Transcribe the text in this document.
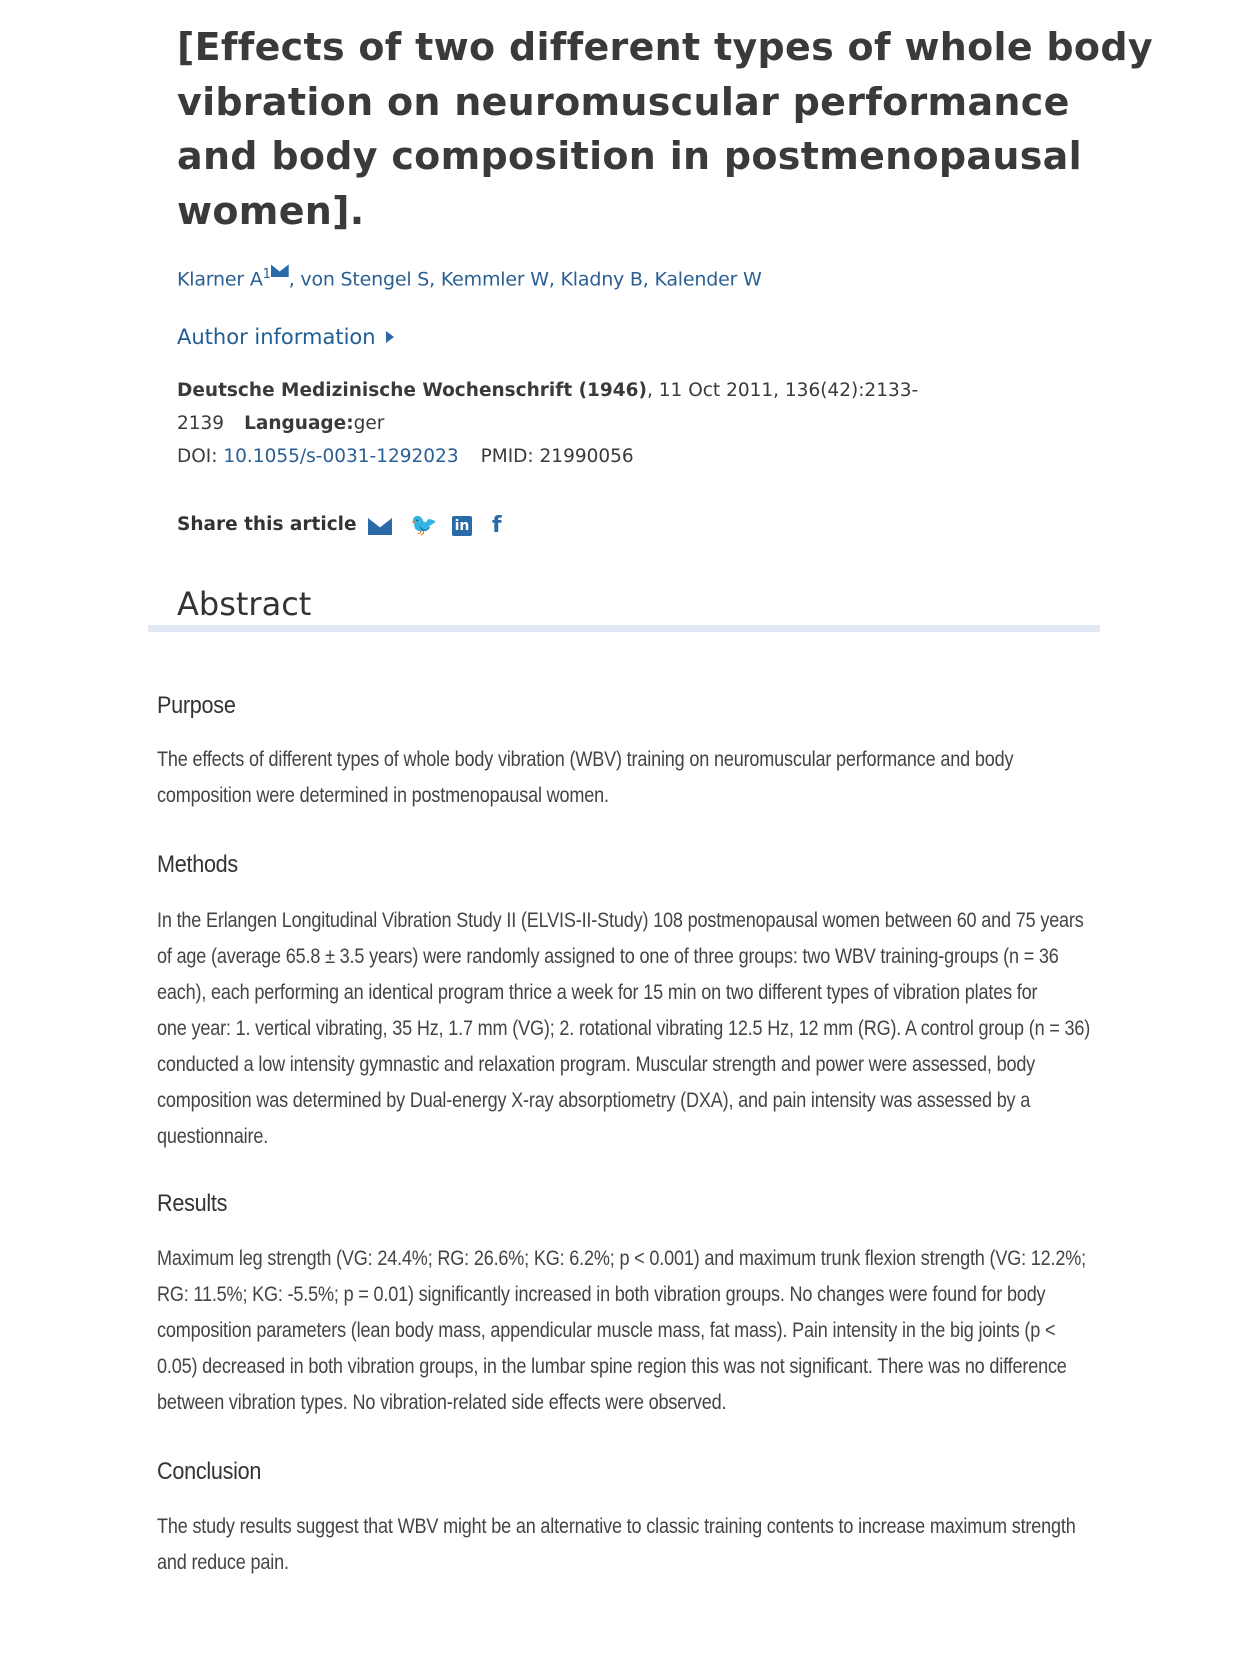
[Effects of two different types of whole body
vibration on neuromuscular performance
and body composition in postmenopausal
women].
Klarner $A^1$ , von Stengel S, Kemmler W, Kladny B, Kalender W
Author information
Deutsche Medizinische Wochenschrift (1946), 11 Oct 2011, 136(42):2133-
2139 Language:ger
DOI: 10.1055/s-0031-1292023 PMID: 21990056
Share this article 🐦 in f
Abstract
Purpose
The effects of different types of whole body vibration (WBV) training on neuromuscular performance and body
composition were determined in postmenopausal women.
Methods
In the Erlangen Longitudinal Vibration Study II (ELVIS-II-Study) 108 postmenopausal women between 60 and 75 years
of age (average 65.8 ± 3.5 years) were randomly assigned to one of three groups: two WBV training-groups (n = 36
each), each performing an identical program thrice a week for 15 min on two different types of vibration plates for
one year: 1. vertical vibrating, 35 Hz, 1.7 mm (VG); 2. rotational vibrating 12.5 Hz, 12 mm (RG). A control group (n = 36)
conducted a low intensity gymnastic and relaxation program. Muscular strength and power were assessed, body
composition was determined by Dual-energy X-ray absorptiometry (DXA), and pain intensity was assessed by a
questionnaire.
Results
Maximum leg strength (VG: 24.4%; RG: 26.6%; KG: 6.2%; p < 0.001) and maximum trunk flexion strength (VG: 12.2%;
RG: 11.5%; KG: -5.5%; p = 0.01) significantly increased in both vibration groups. No changes were found for body
composition parameters (lean body mass, appendicular muscle mass, fat mass). Pain intensity in the big joints (p <
0.05) decreased in both vibration groups, in the lumbar spine region this was not significant. There was no difference
between vibration types. No vibration-related side effects were observed.
Conclusion
The study results suggest that WBV might be an alternative to classic training contents to increase maximum strength
and reduce pain.
